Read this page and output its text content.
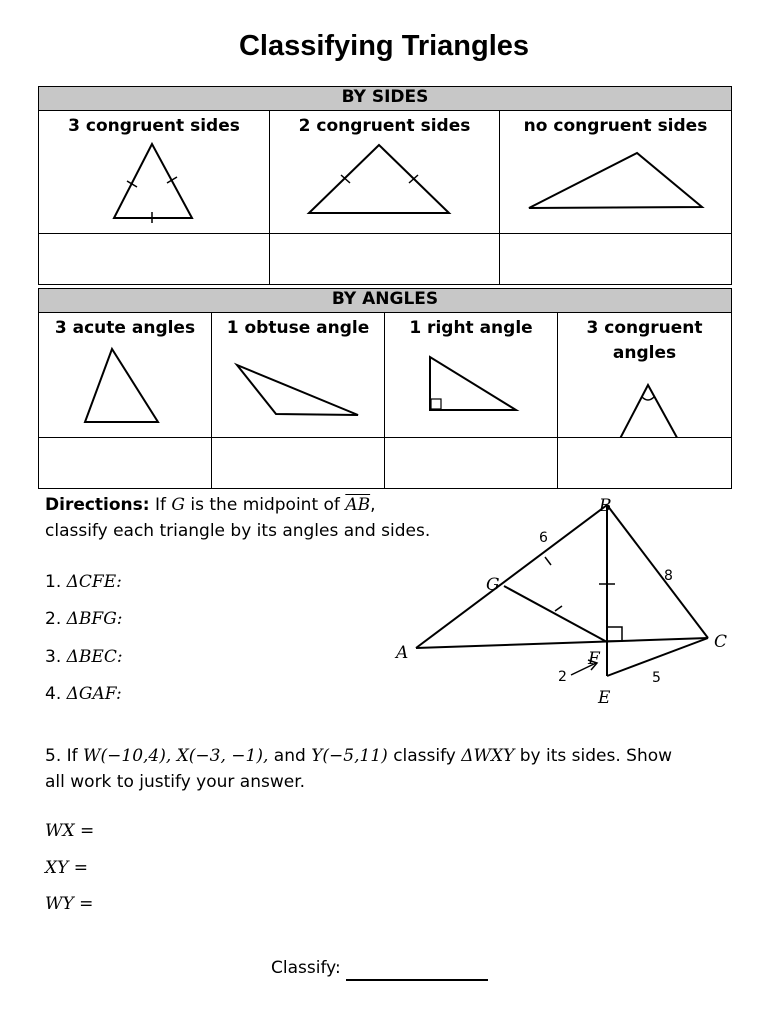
Classifying Triangles
BY SIDES		

3 congruent sides	2 congruent sides	no congruent sides

BY ANGLES			

3 acute angles	1 obtuse angle	1 right angle	3 congruent angles

Directions: If G is the midpoint of $\overline{AB}$,
classify each triangle by its angles and sides.
1. ΔCFE:
2. ΔBFG:
3. ΔBEC:
4. ΔGAF:
B
G
A
C
F
E
6
8
5
2
5. If W(−10,4), X(−3, −1), and Y(−5,11) classify ΔWXY by its sides. Show
all work to justify your answer.
WX =
XY =
WY =
Classify:
